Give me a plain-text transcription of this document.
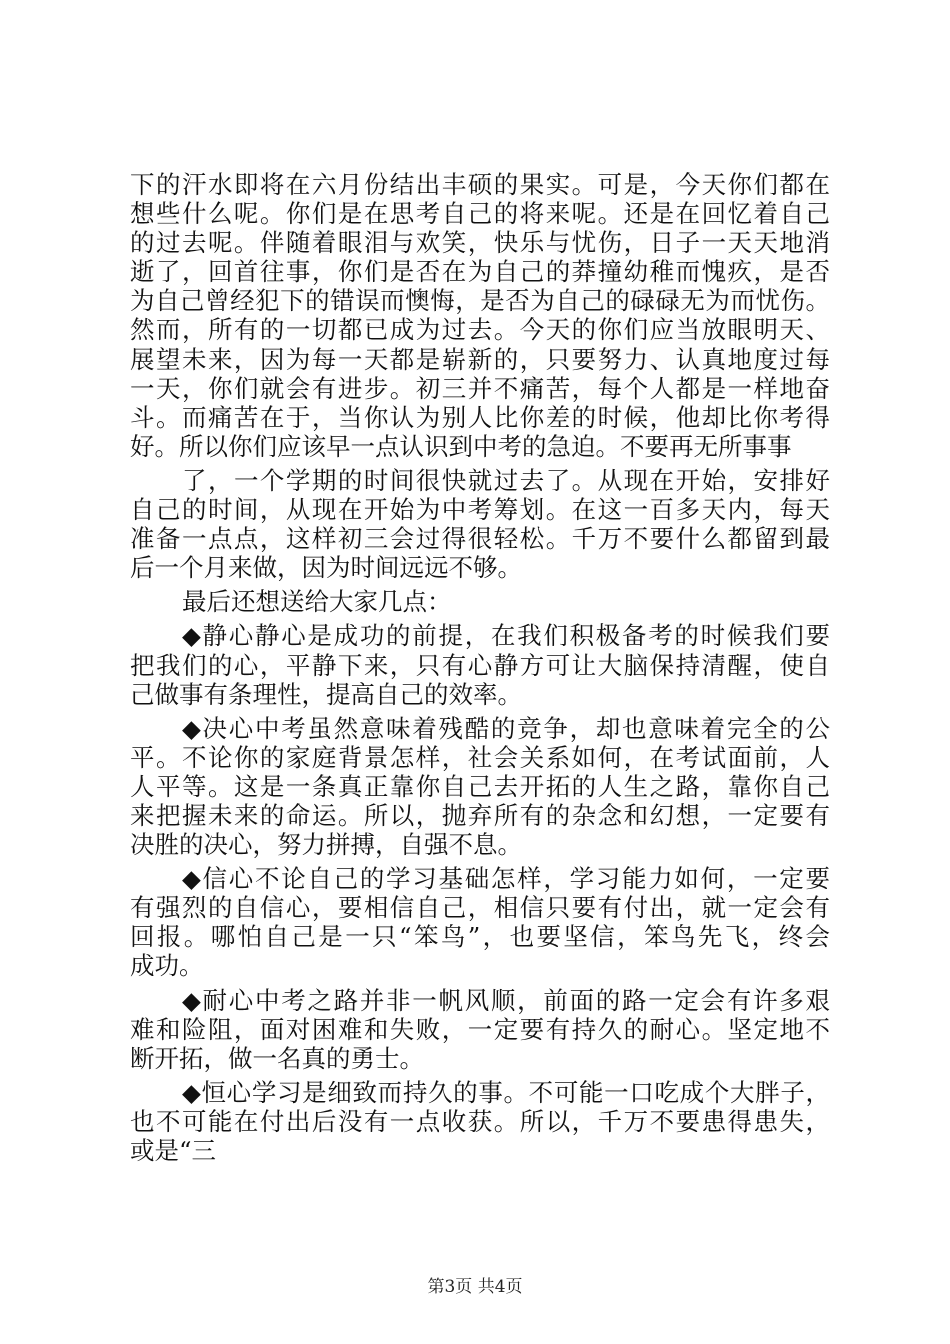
下的汗水即将在六月份结出丰硕的果实。可是，今天你们都在
想些什么呢。你们是在思考自己的将来呢。还是在回忆着自己
的过去呢。伴随着眼泪与欢笑，快乐与忧伤，日子一天天地消
逝了，回首往事，你们是否在为自己的莽撞幼稚而愧疚，是否
为自己曾经犯下的错误而懊悔，是否为自己的碌碌无为而忧伤。
然而，所有的一切都已成为过去。今天的你们应当放眼明天、
展望未来，因为每一天都是崭新的，只要努力、认真地度过每
一天，你们就会有进步。初三并不痛苦，每个人都是一样地奋
斗。而痛苦在于，当你认为别人比你差的时候，他却比你考得
好。所以你们应该早一点认识到中考的急迫。不要再无所事事
了，一个学期的时间很快就过去了。从现在开始，安排好
自己的时间，从现在开始为中考筹划。在这一百多天内，每天
准备一点点，这样初三会过得很轻松。千万不要什么都留到最
后一个月来做，因为时间远远不够。
最后还想送给大家几点：
◆静心静心是成功的前提，在我们积极备考的时候我们要
把我们的心，平静下来，只有心静方可让大脑保持清醒，使自
己做事有条理性，提高自己的效率。
◆决心中考虽然意味着残酷的竞争，却也意味着完全的公
平。不论你的家庭背景怎样，社会关系如何，在考试面前，人
人平等。这是一条真正靠你自己去开拓的人生之路，靠你自己
来把握未来的命运。所以，抛弃所有的杂念和幻想，一定要有
决胜的决心，努力拼搏，自强不息。
◆信心不论自己的学习基础怎样，学习能力如何，一定要
有强烈的自信心，要相信自己，相信只要有付出，就一定会有
回报。哪怕自己是一只“笨鸟”，也要坚信，笨鸟先飞，终会
成功。
◆耐心中考之路并非一帆风顺，前面的路一定会有许多艰
难和险阻，面对困难和失败，一定要有持久的耐心。坚定地不
断开拓，做一名真的勇士。
◆恒心学习是细致而持久的事。不可能一口吃成个大胖子，
也不可能在付出后没有一点收获。所以，千万不要患得患失，
或是“三
第3页 共4页
